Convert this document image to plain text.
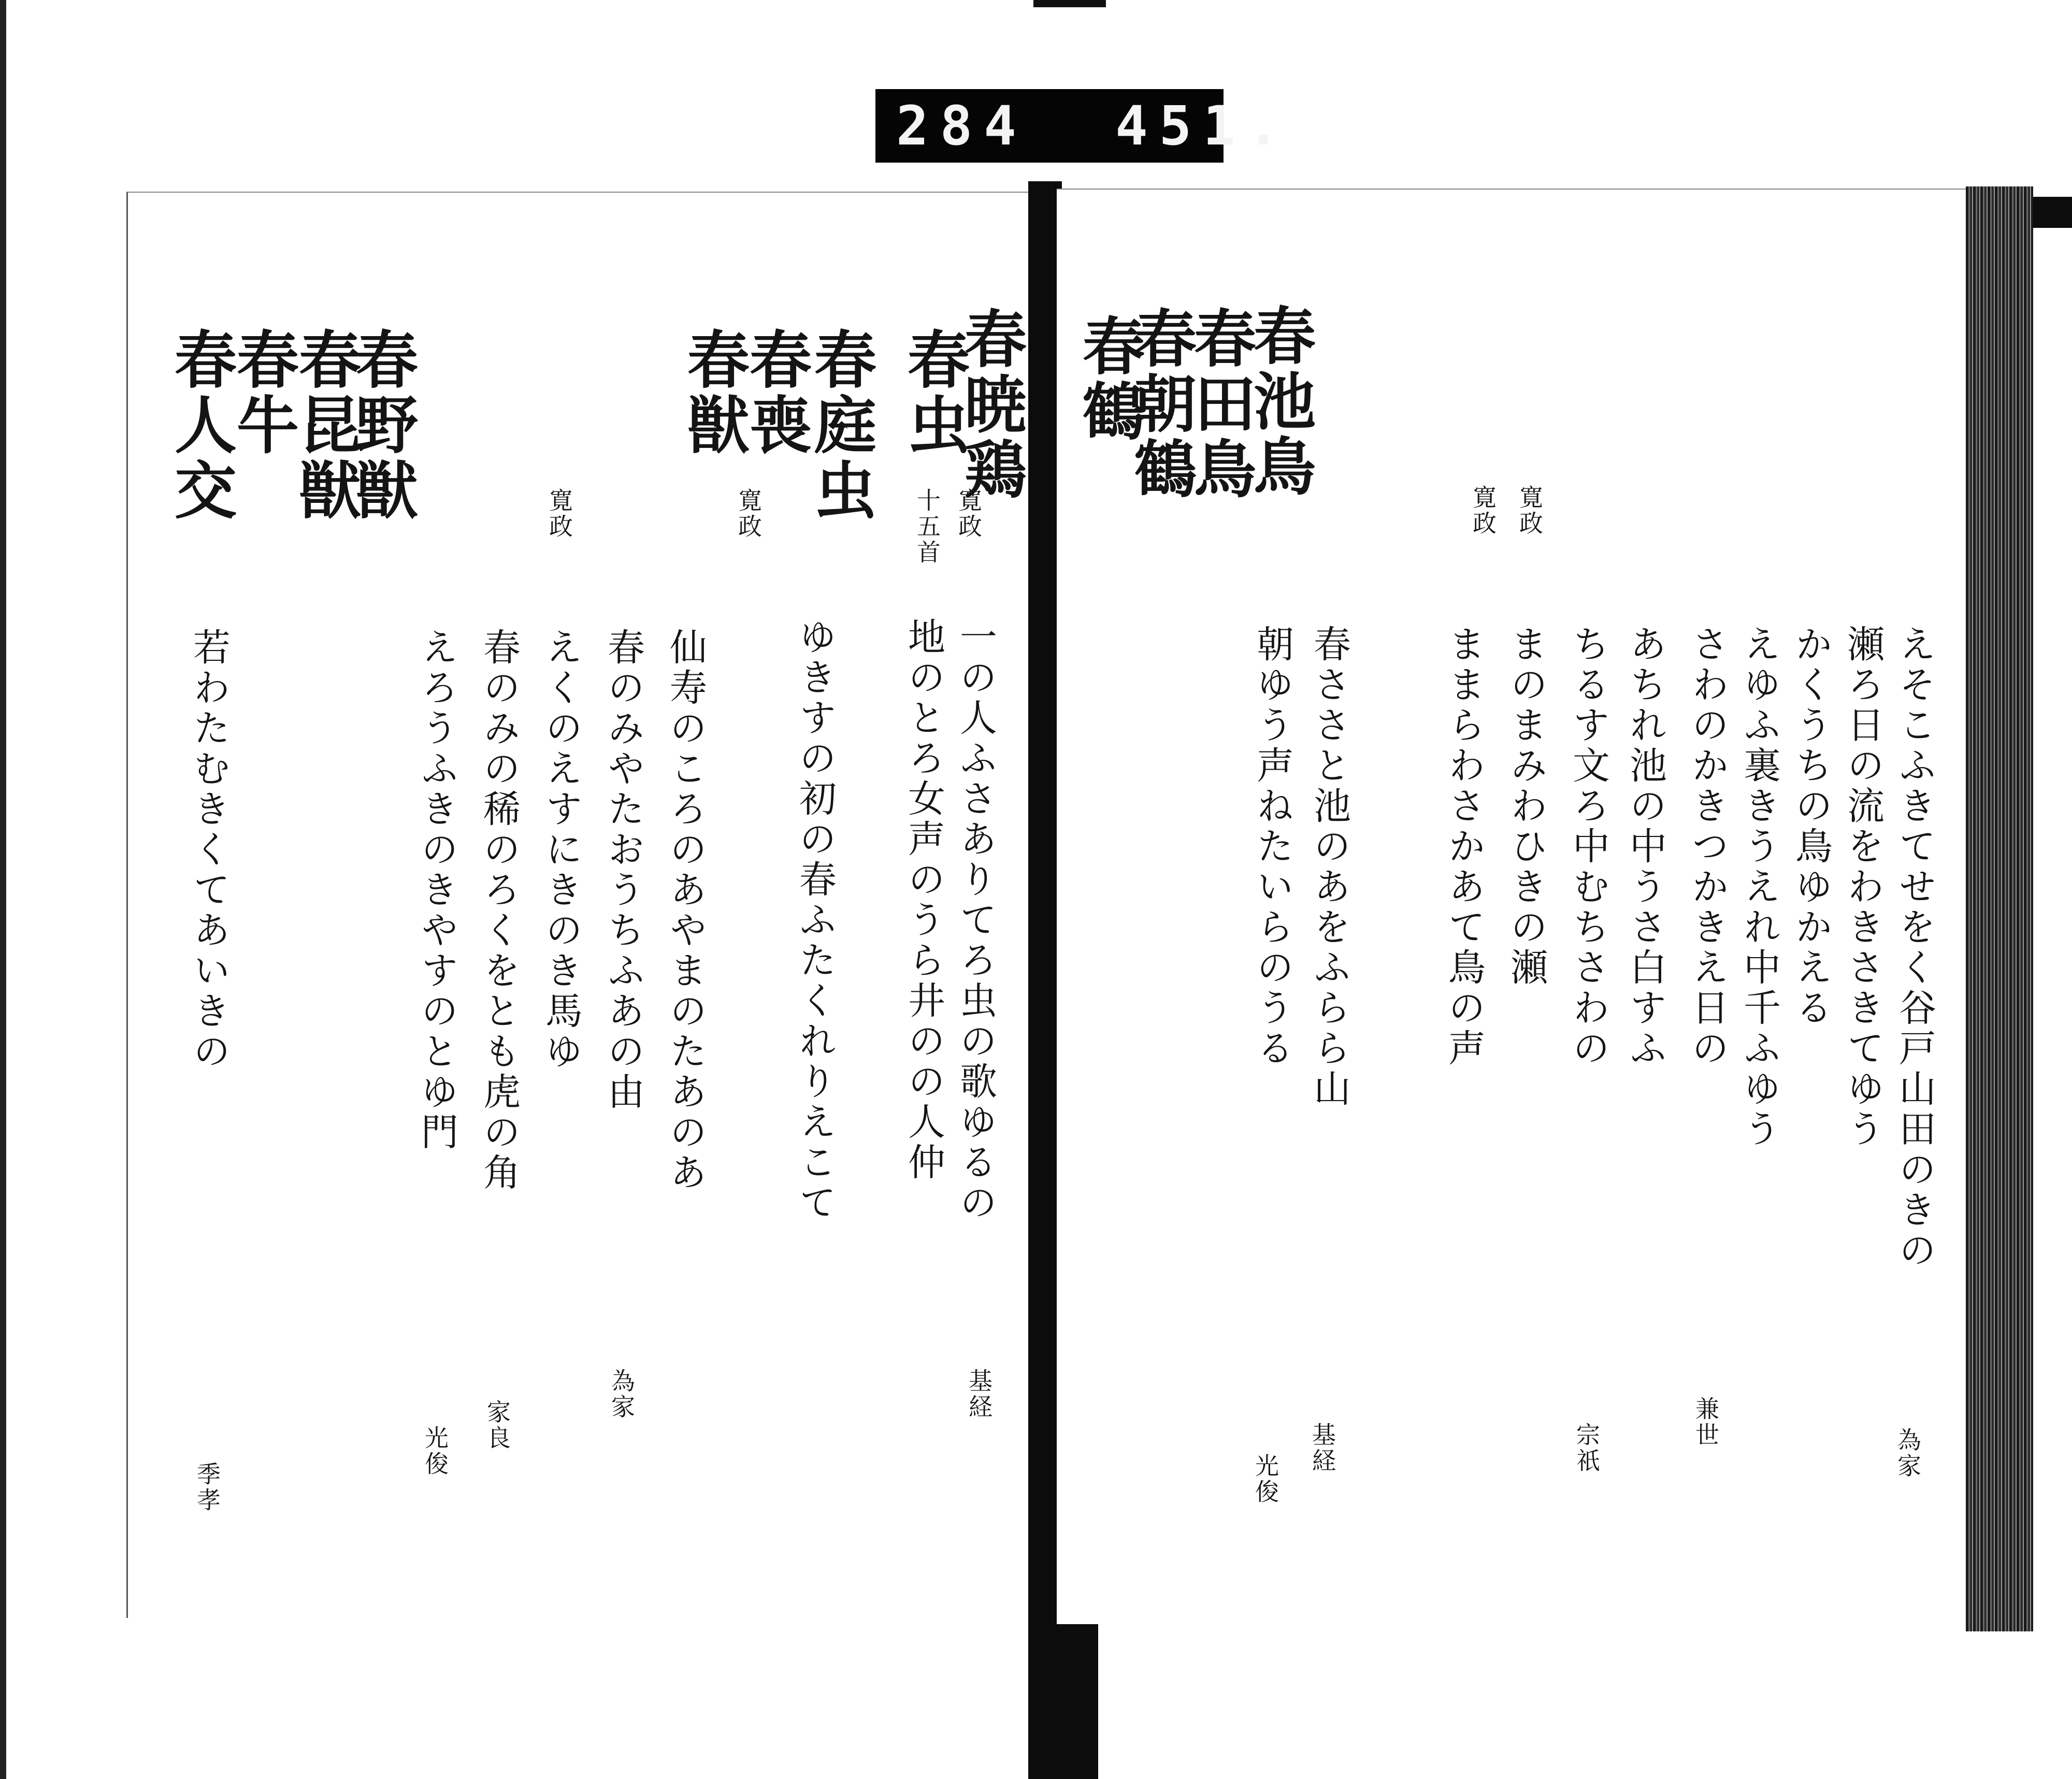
284  451.
春暁鶏
春虫
春庭虫
春喪
春獣
春野獣
春昆獣
春牛
春人交
十五首 寛政
寛政
寛政
一の人ふさありてろ虫の歌ゆるの
地のとろ女声のうら井のの人仲
ゆきすの初の春ふたくれりえこて
仙寿のころのあやまのたあのあ
春のみやたおうちふあの由
えくのえすにきのき馬ゆ
春のみの稀のろくをとも虎の角
えろうふきのきやすのとゆ門
若わたむきくてあいきの
基経
為家
家良
光俊
季孝
春池鳥
春田鳥
春朝鶴
春鶴
寛政
寛政
えそこふきてせをく谷戸山田のきの
瀬ろ日の流をわきさきてゆう
かくうちの鳥ゆかえる
えゆふ裏きうえれ中千ふゆう
さわのかきつかきえ日の
あちれ池の中うさ白すふ
ちるす文ろ中むちさわの
まのまみわひきの瀬
ままらわさかあて鳥の声
春ささと池のあをふらら山
朝ゆう声ねたいらのうる
為家
兼世
宗祇
基経
光俊
